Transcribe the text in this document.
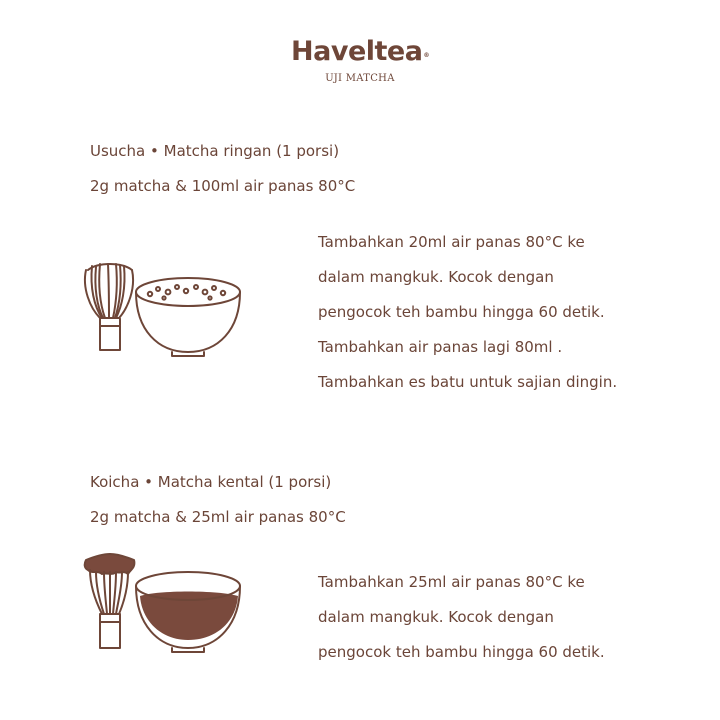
Haveltea®
UJI MATCHA
Usucha • Matcha ringan (1 porsi)
2g matcha & 100ml air panas 80°C
Tambahkan 20ml air panas 80°C ke
dalam mangkuk. Kocok dengan
pengocok teh bambu hingga 60 detik.
Tambahkan air panas lagi 80ml .
Tambahkan es batu untuk sajian dingin.
Koicha • Matcha kental (1 porsi)
2g matcha & 25ml air panas 80°C
Tambahkan 25ml air panas 80°C ke
dalam mangkuk. Kocok dengan
pengocok teh bambu hingga 60 detik.
